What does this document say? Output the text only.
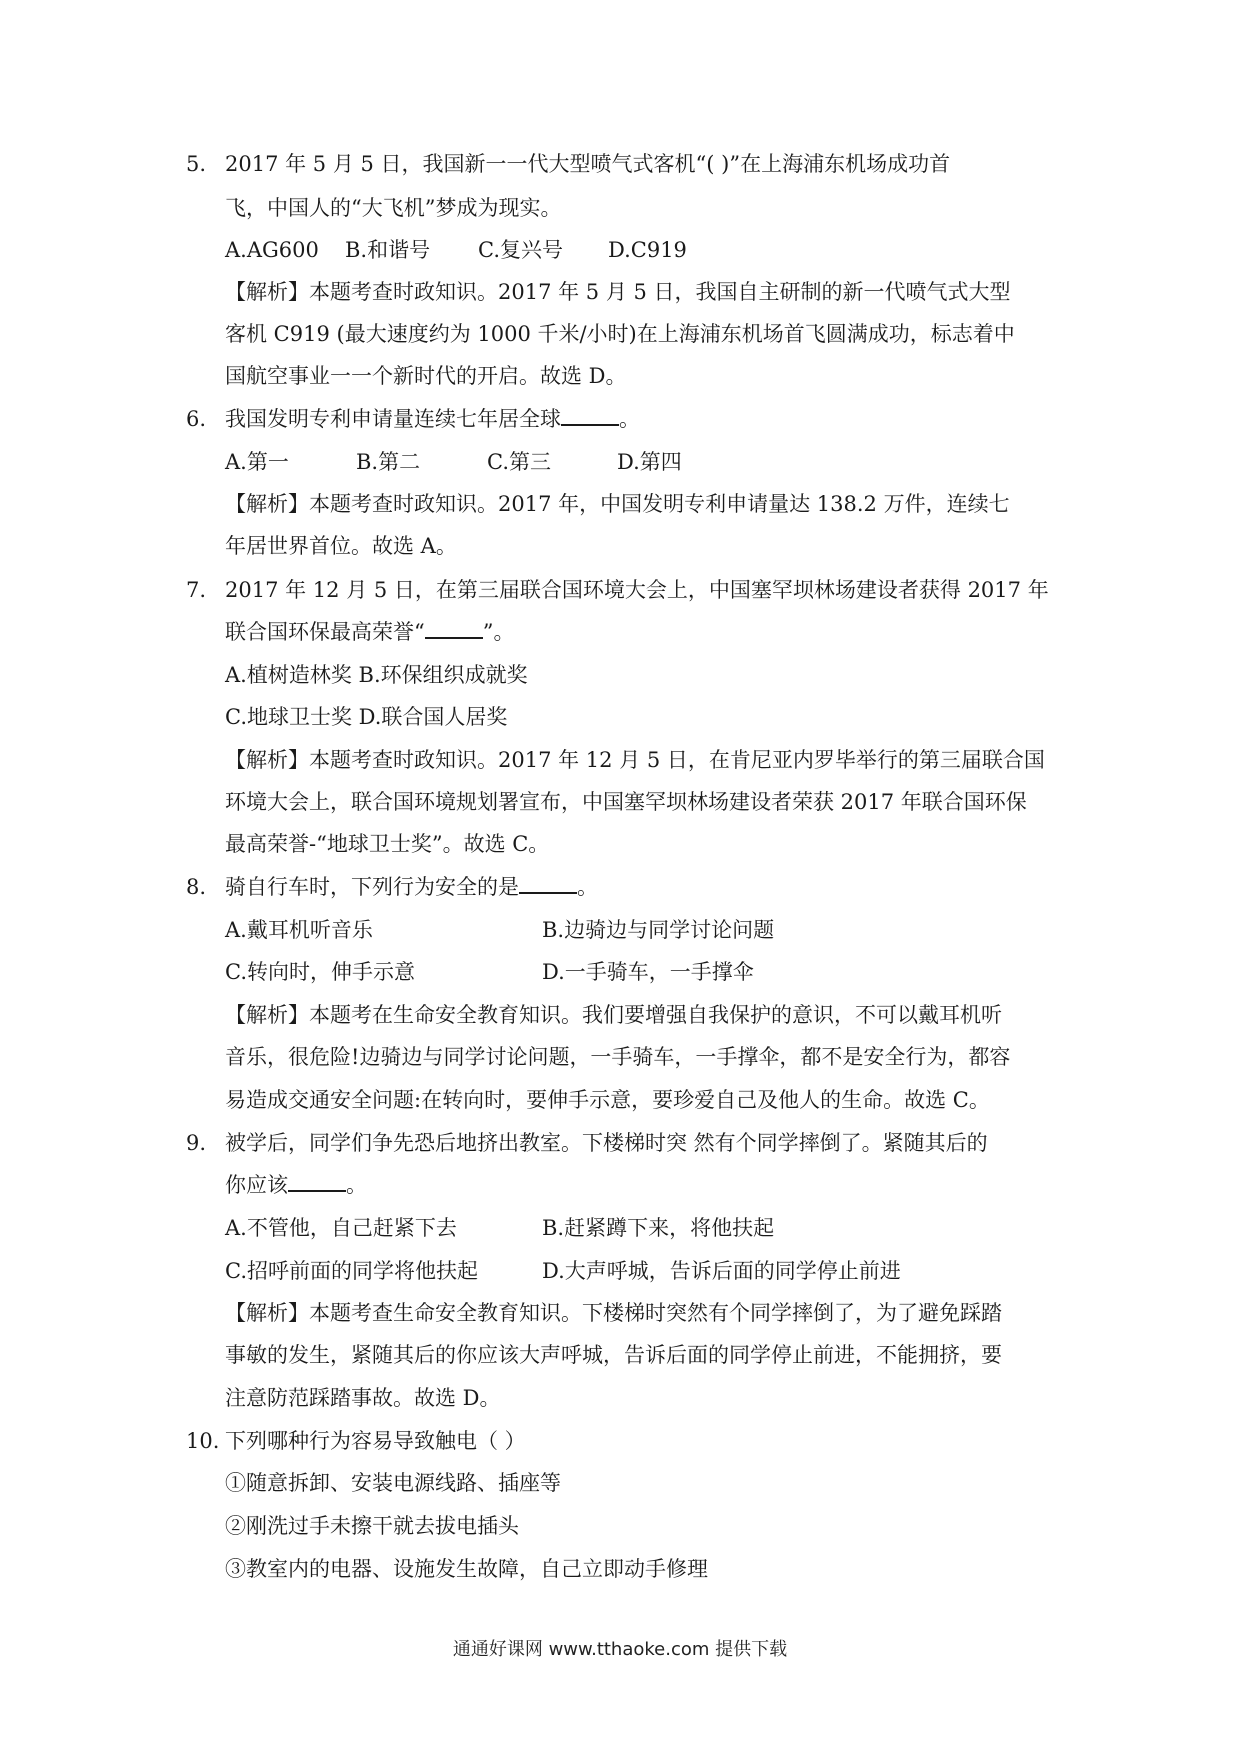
5. 2017 年 5 月 5 日，我国新一一代大型喷气式客机“( )”在上海浦东机场成功首
飞，中国人的“大飞机”梦成为现实。
A.AG600 B.和谐号 C.复兴号 D.C919
【解析】本题考查时政知识。2017 年 5 月 5 日，我国自主研制的新一代喷气式大型
客机 C919 (最大速度约为 1000 千米/小时)在上海浦东机场首飞圆满成功，标志着中
国航空事业一一个新时代的开启。故选 D。
6. 我国发明专利申请量连续七年居全球	。
A.第一	B.第二	C.第三	D.第四
【解析】本题考查时政知识。2017 年，中国发明专利申请量达 138.2 万件，连续七
年居世界首位。故选 A。
7. 2017 年 12 月 5 日，在第三届联合国环境大会上，中国塞罕坝林场建设者获得 2017 年
联合国环保最高荣誉“	”。
A.植树造林奖 B.环保组织成就奖
C.地球卫士奖 D.联合国人居奖
【解析】本题考查时政知识。2017 年 12 月 5 日，在肯尼亚内罗毕举行的第三届联合国
环境大会上，联合国环境规划署宣布，中国塞罕坝林场建设者荣获 2017 年联合国环保
最高荣誉-“地球卫士奖”。故选 C。
8. 骑自行车时，下列行为安全的是	。
A.戴耳机听音乐	B.边骑边与同学讨论问题
C.转向时，伸手示意	D.一手骑车，一手撑伞
【解析】本题考在生命安全教育知识。我们要增强自我保护的意识，不可以戴耳机听
音乐，很危险!边骑边与同学讨论问题，一手骑车，一手撑伞，都不是安全行为，都容
易造成交通安全问题:在转向时，要伸手示意，要珍爱自己及他人的生命。故选 C。
9. 被学后，同学们争先恐后地挤出教室。下楼梯时突 然有个同学摔倒了。紧随其后的
你应该	。
A.不管他，自己赶紧下去	B.赶紧蹲下来，将他扶起
C.招呼前面的同学将他扶起	D.大声呼城，告诉后面的同学停止前进
【解析】本题考查生命安全教育知识。下楼梯时突然有个同学摔倒了，为了避免踩踏
事敏的发生，紧随其后的你应该大声呼城，告诉后面的同学停止前进，不能拥挤，要
注意防范踩踏事故。故选 D。
10. 下列哪种行为容易导致触电（ ）
①随意拆卸、安装电源线路、插座等
②刚洗过手未擦干就去拔电插头
③教室内的电器、设施发生故障，自己立即动手修理
通通好课网 www.tthaoke.com 提供下载
